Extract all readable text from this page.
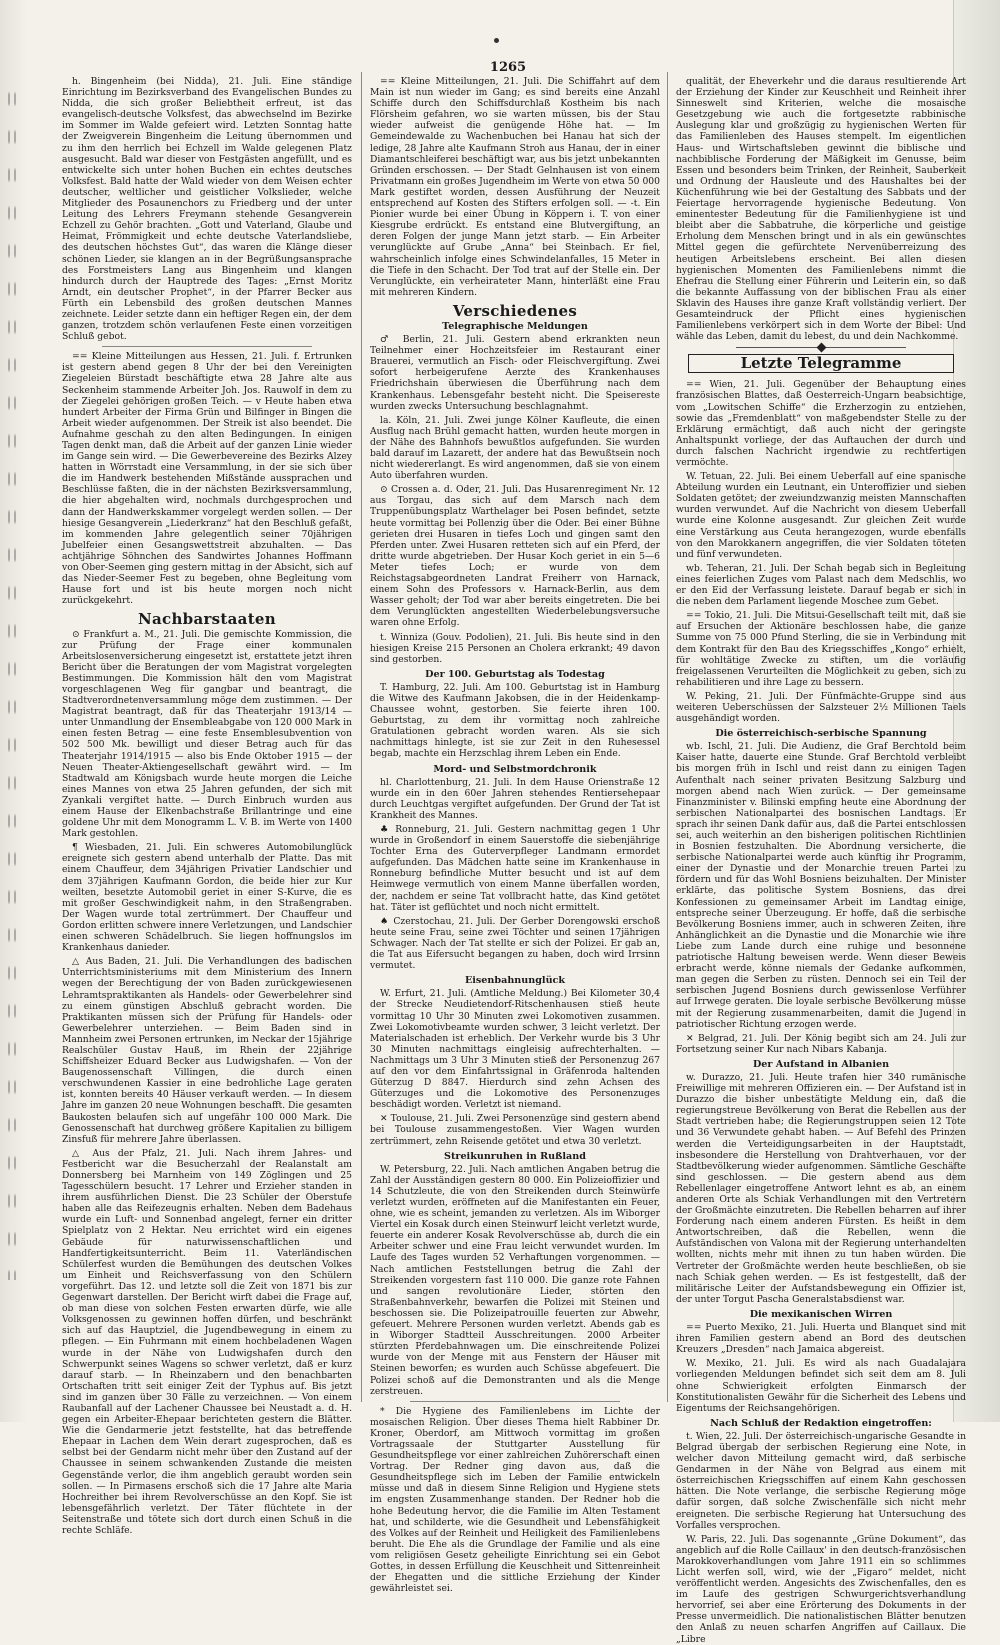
1265

h. Bingenheim (bei Nidda), 21. Juli. Eine ständige Einrichtung im Bezirksverband des Evangelischen Bundes zu Nidda, die sich großer Beliebtheit erfreut, ist das evangelisch-deutsche Volksfest, das abwechselnd im Bezirke im Sommer im Walde gefeiert wird. Letzten Sonntag hatte der Zweigverein Bingenheim die Leitung übernommen und zu ihm den herrlich bei Echzell im Walde gelegenen Platz ausgesucht. Bald war dieser von Festgästen angefüllt, und es entwickelte sich unter hohen Buchen ein echtes deutsches Volksfest. Bald hatte der Wald wieder von dem Weisen echter deutscher, weltlicher und geistlicher Volkslieder, welche Mitglieder des Posaunenchors zu Friedberg und der unter Leitung des Lehrers Freymann stehende Gesangverein Echzell zu Gehör brachten. „Gott und Vaterland, Glaube und Heimat, Frömmigkeit und echte deutsche Vaterlandsliebe, des deutschen höchstes Gut“, das waren die Klänge dieser schönen Lieder, sie klangen an in der Begrüßungsansprache des Forstmeisters Lang aus Bingenheim und klangen hindurch durch der Hauptrede des Tages: „Ernst Moritz Arndt, ein deutscher Prophet“, in der Pfarrer Becker aus Fürth ein Lebensbild des großen deutschen Mannes zeichnete. Leider setzte dann ein heftiger Regen ein, der dem ganzen, trotzdem schön verlaufenen Feste einen vorzeitigen Schluß gebot.

== Kleine Mitteilungen aus Hessen, 21. Juli. f. Ertrunken ist gestern abend gegen 8 Uhr der bei den Vereinigten Ziegeleien Bürstadt beschäftigte etwa 28 Jahre alte aus Seckenheim stammende Arbeiter Joh. Jos. Rauwolf in dem zu der Ziegelei gehörigen großen Teich. — v Heute haben etwa hundert Arbeiter der Firma Grün und Bilfinger in Bingen die Arbeit wieder aufgenommen. Der Streik ist also beendet. Die Aufnahme geschah zu den alten Bedingungen. In einigen Tagen denkt man, daß die Arbeit auf der ganzen Linie wieder im Gange sein wird. — Die Gewerbevereine des Bezirks Alzey hatten in Wörrstadt eine Versammlung, in der sie sich über die im Handwerk bestehenden Mißstände aussprachen und Beschlüsse faßten, die in der nächsten Bezirksversammlung, die hier abgehalten wird, nochmals durchgesprochen und dann der Handwerkskammer vorgelegt werden sollen. — Der hiesige Gesangverein „Liederkranz“ hat den Beschluß gefaßt, im kommenden Jahre gelegentlich seiner 70jährigen Jubelfeier einen Gesangswettstreit abzuhalten. — Das achtjährige Söhnchen des Sandwirtes Johannes Hoffmann von Ober-Seemen ging gestern mittag in der Absicht, sich auf das Nieder-Seemer Fest zu begeben, ohne Begleitung vom Hause fort und ist bis heute morgen noch nicht zurückgekehrt.

Nachbarstaaten

⊙ Frankfurt a. M., 21. Juli. Die gemischte Kommission, die zur Prüfung der Frage einer kommunalen Arbeitslosenversicherung eingesetzt ist, erstattete jetzt ihren Bericht über die Beratungen der vom Magistrat vorgelegten Bestimmungen. Die Kommission hält den vom Magistrat vorgeschlagenen Weg für gangbar und beantragt, die Stadtverordnetenversammlung möge dem zustimmen. — Der Magistrat beantragt, daß für das Theaterjahr 1913/14 — unter Unmandlung der Ensembleabgabe von 120 000 Mark in einen festen Betrag — eine feste Ensemblesubvention von 502 500 Mk. bewilligt und dieser Betrag auch für das Theaterjahr 1914/1915 — also bis Ende Oktober 1915 — der Neuen Theater-Aktiengesellschaft gewährt wird. — Im Stadtwald am Königsbach wurde heute morgen die Leiche eines Mannes von etwa 25 Jahren gefunden, der sich mit Zyankali vergiftet hatte. — Durch Einbruch wurden aus einem Hause der Elkenbachstraße Brillantringe und eine goldene Uhr mit dem Monogramm L. V. B. im Werte von 1400 Mark gestohlen.

¶ Wiesbaden, 21. Juli. Ein schweres Automobilunglück ereignete sich gestern abend unterhalb der Platte. Das mit einem Chauffeur, dem 34jährigen Privatier Landschier und dem 37jährigen Kaufmann Gordon, die beide hier zur Kur weilten, besetzte Automobil geriet in einer S-Kurve, die es mit großer Geschwindigkeit nahm, in den Straßengraben. Der Wagen wurde total zertrümmert. Der Chauffeur und Gordon erlitten schwere innere Verletzungen, und Landschier einen schweren Schädelbruch. Sie liegen hoffnungslos im Krankenhaus danieder.

△ Aus Baden, 21. Juli. Die Verhandlungen des badischen Unterrichtsministeriums mit dem Ministerium des Innern wegen der Berechtigung der von Baden zurückgewiesenen Lehramtspraktikanten als Handels- oder Gewerbelehrer sind zu einem günstigen Abschluß gebracht worden. Die Praktikanten müssen sich der Prüfung für Handels- oder Gewerbelehrer unterziehen. — Beim Baden sind in Mannheim zwei Personen ertrunken, im Neckar der 15jährige Realschüler Gustav Hauß, im Rhein der 22jährige Schiffsheizer Eduard Becker aus Ludwigshafen. — Von der Baugenossenschaft Villingen, die durch einen verschwundenen Kassier in eine bedrohliche Lage geraten ist, konnten bereits 40 Häuser verkauft werden. — In diesem Jahre im ganzen 20 neue Wohnungen beschafft. Die gesamten Baukosten belaufen sich auf ungefähr 100 000 Mark. Die Genossenschaft hat durchweg größere Kapitalien zu billigem Zinsfuß für mehrere Jahre überlassen.

△ Aus der Pfalz, 21. Juli. Nach ihrem Jahres- und Festbericht war die Besucherzahl der Realanstalt am Donnersberg bei Marnheim von 149 Zöglingen und 25 Tagesschülern besucht. 17 Lehrer und Erzieher standen in ihrem ausführlichen Dienst. Die 23 Schüler der Oberstufe haben alle das Reifezeugnis erhalten. Neben dem Badehaus wurde ein Luft- und Sonnenbad angelegt, ferner ein dritter Spielplatz von 2 Hektar. Neu errichtet wird ein eigenes Gebäude für naturwissenschaftlichen und Handfertigkeitsunterricht. Beim 11. Vaterländischen Schülerfest wurden die Bemühungen des deutschen Volkes um Einheit und Reichsverfassung von den Schülern vorgeführt. Das 12. und letzte soll die Zeit von 1871 bis zur Gegenwart darstellen. Der Bericht wirft dabei die Frage auf, ob man diese von solchen Festen erwarten dürfe, wie alle Volksgenossen zu gewinnen hoffen dürfen, und beschränkt sich auf das Hauptziel, die Jugendbewegung in einem zu pflegen. — Ein Fuhrmann mit einem hochbeladenen Wagen wurde in der Nähe von Ludwigshafen durch den Schwerpunkt seines Wagens so schwer verletzt, daß er kurz darauf starb. — In Rheinzabern und den benachbarten Ortschaften tritt seit einiger Zeit der Typhus auf. Bis jetzt sind im ganzen über 30 Fälle zu verzeichnen. — Von einem Raubanfall auf der Lachener Chaussee bei Neustadt a. d. H. gegen ein Arbeiter-Ehepaar berichteten gestern die Blätter. Wie die Gendarmerie jetzt feststellte, hat das betreffende Ehepaar in Lachen dem Wein derart zugesprochen, daß es selbst bei der Gendarm nicht mehr über den Zustand auf der Chaussee in seinem schwankenden Zustande die meisten Gegenstände verlor, die ihm angeblich geraubt worden sein sollen. — In Pirmasens erschoß sich die 17 Jahre alte Maria Hochreither bei ihrem Revolverschüsse an den Kopf. Sie ist lebensgefährlich verletzt. Der Täter flüchtete in der Seitenstraße und tötete sich dort durch einen Schuß in die rechte Schläfe.

== Kleine Mitteilungen, 21. Juli. Die Schiffahrt auf dem Main ist nun wieder im Gang; es sind bereits eine Anzahl Schiffe durch den Schiffsdurchlaß Kostheim bis nach Flörsheim gefahren, wo sie warten müssen, bis der Stau wieder aufweist die genügende Höhe hat. — Im Gemeindewalde zu Wachenbuchen bei Hanau hat sich der ledige, 28 Jahre alte Kaufmann Stroh aus Hanau, der in einer Diamantschleiferei beschäftigt war, aus bis jetzt unbekannten Gründen erschossen. — Der Stadt Gelnhausen ist von einem Privatmann ein großes Jugendheim im Werte von etwa 50 000 Mark gestiftet worden, dessen Ausführung der Neuzeit entsprechend auf Kosten des Stifters erfolgen soll. — -t. Ein Pionier wurde bei einer Übung in Köppern i. T. von einer Kiesgrube erdrückt. Es entstand eine Blutvergiftung, an deren Folgen der junge Mann jetzt starb. — Ein Arbeiter verunglückte auf Grube „Anna“ bei Steinbach. Er fiel, wahrscheinlich infolge eines Schwindelanfalles, 15 Meter in die Tiefe in den Schacht. Der Tod trat auf der Stelle ein. Der Verunglückte, ein verheirateter Mann, hinterläßt eine Frau mit mehreren Kindern.

Verschiedenes
Telegraphische Meldungen

♂ Berlin, 21. Juli. Gestern abend erkrankten neun Teilnehmer einer Hochzeitsfeier im Restaurant einer Brauerei, vermutlich an Fisch- oder Fleischvergiftung. Zwei sofort herbeigerufene Aerzte des Krankenhauses Friedrichshain überwiesen die Überführung nach dem Krankenhaus. Lebensgefahr besteht nicht. Die Speisereste wurden zwecks Untersuchung beschlagnahmt.

la. Köln, 21. Juli. Zwei junge Kölner Kaufleute, die einen Ausflug nach Brühl gemacht hatten, wurden heute morgen in der Nähe des Bahnhofs bewußtlos aufgefunden. Sie wurden bald darauf im Lazarett, der andere hat das Bewußtsein noch nicht wiedererlangt. Es wird angenommen, daß sie von einem Auto überfahren wurden.

⊙ Crossen a. d. Oder, 21. Juli. Das Husarenregiment Nr. 12 aus Torgau, das sich auf dem Marsch nach dem Truppenübungsplatz Warthelager bei Posen befindet, setzte heute vormittag bei Pollenzig über die Oder. Bei einer Bühne gerieten drei Husaren in tiefes Loch und gingen samt den Pferden unter. Zwei Husaren retteten sich auf ein Pferd, der dritte wurde abgetrieben. Der Husar Koch geriet in ein 5—6 Meter tiefes Loch; er wurde von dem Reichstagsabgeordneten Landrat Freiherr von Harnack, einem Sohn des Professors v. Harnack-Berlin, aus dem Wasser geholt; der Tod war aber bereits eingetreten. Die bei dem Verunglückten angestellten Wiederbelebungsversuche waren ohne Erfolg.

t. Winniza (Gouv. Podolien), 21. Juli. Bis heute sind in den hiesigen Kreise 215 Personen an Cholera erkrankt; 49 davon sind gestorben.

Der 100. Geburtstag als Todestag

T. Hamburg, 22. Juli. Am 100. Geburtstag ist in Hamburg die Witwe des Kaufmann Jakobsen, die in der Heidenkamp-Chaussee wohnt, gestorben. Sie feierte ihren 100. Geburtstag, zu dem ihr vormittag noch zahlreiche Gratulationen gebracht worden waren. Als sie sich nachmittags hinlegte, ist sie zur Zeit in den Ruhesessel begab, machte ein Herzschlag ihrem Leben ein Ende.

Mord- und Selbstmordchronik

hl. Charlottenburg, 21. Juli. In dem Hause Orienstraße 12 wurde ein in den 60er Jahren stehendes Rentiersehepaar durch Leuchtgas vergiftet aufgefunden. Der Grund der Tat ist Krankheit des Mannes.

♣ Ronneburg, 21. Juli. Gestern nachmittag gegen 1 Uhr wurde in Großendorf in einem Sauerstoffe die siebenjährige Tochter Erna des Guterverpfleger Landmann ermordet aufgefunden. Das Mädchen hatte seine im Krankenhause in Ronneburg befindliche Mutter besucht und ist auf dem Heimwege vermutlich von einem Manne überfallen worden, der, nachdem er seine Tat vollbracht hatte, das Kind getötet hat. Täter ist geflüchtet und noch nicht ermittelt.

♠ Czerstochau, 21. Juli. Der Gerber Dorengowski erschoß heute seine Frau, seine zwei Töchter und seinen 17jährigen Schwager. Nach der Tat stellte er sich der Polizei. Er gab an, die Tat aus Eifersucht begangen zu haben, doch wird Irrsinn vermutet.

Eisenbahnunglück

W. Erfurt, 21. Juli. (Amtliche Meldung.) Bei Kilometer 30,4 der Strecke Neudietendorf-Ritschenhausen stieß heute vormittag 10 Uhr 30 Minuten zwei Lokomotiven zusammen. Zwei Lokomotivbeamte wurden schwer, 3 leicht verletzt. Der Materialschaden ist erheblich. Der Verkehr wurde bis 3 Uhr 30 Minuten nachmittags eingleisig aufrechterhalten. — Nachmittags um 3 Uhr 3 Minuten stieß der Personenzug 267 auf den vor dem Einfahrtssignal in Gräfenroda haltenden Güterzug D 8847. Hierdurch sind zehn Achsen des Güterzuges und die Lokomotive des Personenzuges beschädigt worden. Verletzt ist niemand.

✕ Toulouse, 21. Juli. Zwei Personenzüge sind gestern abend bei Toulouse zusammengestoßen. Vier Wagen wurden zertrümmert, zehn Reisende getötet und etwa 30 verletzt.

Streikunruhen in Rußland

W. Petersburg, 22. Juli. Nach amtlichen Angaben betrug die Zahl der Ausständigen gestern 80 000. Ein Polizeioffizier und 14 Schutzleute, die von den Streikenden durch Steinwürfe verletzt wurden, eröffneten auf die Manifestanten ein Feuer, ohne, wie es scheint, jemanden zu verletzen. Als im Wiborger Viertel ein Kosak durch einen Steinwurf leicht verletzt wurde, feuerte ein anderer Kosak Revolverschüsse ab, durch die ein Arbeiter schwer und eine Frau leicht verwundet wurden. Im Laufe des Tages wurden 52 Verhaftungen vorgenommen. — Nach amtlichen Feststellungen betrug die Zahl der Streikenden vorgestern fast 110 000. Die ganze rote Fahnen und sangen revolutionäre Lieder, störten den Straßenbahnverkehr, bewarfen die Polizei mit Steinen und beschossen sie. Die Polizeipatrouille feuerten zur Abwehr, gefeuert. Mehrere Personen wurden verletzt. Abends gab es in Wiborger Stadtteil Ausschreitungen. 2000 Arbeiter stürzten Pferdebahnwagen um. Die einschreitende Polizei wurde von der Menge mit aus Fenstern der Häuser mit Steinen beworfen; es wurden auch Schüsse abgefeuert. Die Polizei schoß auf die Demonstranten und als die Menge zerstreuen.

* Die Hygiene des Familienlebens im Lichte der mosaischen Religion. Über dieses Thema hielt Rabbiner Dr. Kroner, Oberdorf, am Mittwoch vormittag im großen Vortragssaale der Stuttgarter Ausstellung für Gesundheitspflege vor einer zahlreichen Zuhörerschaft einen Vortrag. Der Redner ging davon aus, daß die Gesundheitspflege sich im Leben der Familie entwickeln müsse und daß in diesem Sinne Religion und Hygiene stets im engsten Zusammenhange standen. Der Redner hob die hohe Bedeutung hervor, die die Familie im Alten Testament hat, und schilderte, wie die Gesundheit und Lebensfähigkeit des Volkes auf der Reinheit und Heiligkeit des Familienlebens beruht. Die Ehe als die Grundlage der Familie und als eine vom religiösen Gesetz geheiligte Einrichtung sei ein Gebot Gottes, in dessen Erfüllung die Keuschheit und Sittenreinheit der Ehegatten und die sittliche Erziehung der Kinder gewährleistet sei.

qualität, der Eheverkehr und die daraus resultierende Art der Erziehung der Kinder zur Keuschheit und Reinheit ihrer Sinneswelt sind Kriterien, welche die mosaische Gesetzgebung wie auch die fortgesetzte rabbinische Auslegung klar und großzügig zu hygienischen Werten für das Familienleben des Hauses stempelt. Im eigentlichen Haus- und Wirtschaftsleben gewinnt die biblische und nachbiblische Forderung der Mäßigkeit im Genusse, beim Essen und besonders beim Trinken, der Reinheit, Sauberkeit und Ordnung der Hausleute und des Haushaltes bei der Küchenführung wie bei der Gestaltung des Sabbats und der Feiertage hervorragende hygienische Bedeutung. Von eminentester Bedeutung für die Familienhygiene ist und bleibt aber die Sabbatruhe, die körperliche und geistige Erholung dem Menschen bringt und in als ein gewünschtes Mittel gegen die gefürchtete Nervenüberreizung des heutigen Arbeitslebens erscheint. Bei allen diesen hygienischen Momenten des Familienlebens nimmt die Ehefrau die Stellung einer Führerin und Leiterin ein, so daß die bekannte Auffassung von der biblischen Frau als einer Sklavin des Hauses ihre ganze Kraft vollständig verliert. Der Gesamteindruck der Pflicht eines hygienischen Familienlebens verkörpert sich in dem Worte der Bibel: Und wähle das Leben, damit du lebest, du und dein Nachkomme.

Letzte Telegramme

== Wien, 21. Juli. Gegenüber der Behauptung eines französischen Blattes, daß Oesterreich-Ungarn beabsichtige, vom „Lowitschen Schiffe“ die Erzherzogin zu entziehen, sowie das „Fremdenblatt“ von maßgebendster Stelle zu der Erklärung ermächtigt, daß auch nicht der geringste Anhaltspunkt vorliege, der das Auftauchen der durch und durch falschen Nachricht irgendwie zu rechtfertigen vermöchte.

W. Tetuan, 22. Juli. Bei einem Ueberfall auf eine spanische Abteilung wurden ein Leutnant, ein Unteroffizier und sieben Soldaten getötet; der zweiundzwanzig meisten Mannschaften wurden verwundet. Auf die Nachricht von diesem Ueberfall wurde eine Kolonne ausgesandt. Zur gleichen Zeit wurde eine Verstärkung aus Ceuta herangezogen, wurde ebenfalls von den Marokkanern angegriffen, die vier Soldaten töteten und fünf verwundeten.

wb. Teheran, 21. Juli. Der Schah begab sich in Begleitung eines feierlichen Zuges vom Palast nach dem Medschlis, wo er den Eid der Verfassung leistete. Darauf begab er sich in die neben dem Parlament liegende Moschee zum Gebet.

== Tokio, 21. Juli. Die Mitsui-Gesellschaft teilt mit, daß sie auf Ersuchen der Aktionäre beschlossen habe, die ganze Summe von 75 000 Pfund Sterling, die sie in Verbindung mit dem Kontrakt für den Bau des Kriegsschiffes „Kongo“ erhielt, für wohltätige Zwecke zu stiften, um die vorläufig freigelassenen Verurteilten die Möglichkeit zu geben, sich zu rehabilitieren und ihre Lage zu bessern.

W. Peking, 21. Juli. Der Fünfmächte-Gruppe sind aus weiteren Ueberschüssen der Salzsteuer 2½ Millionen Taels ausgehändigt worden.

Die österreichisch-serbische Spannung

wb. Ischl, 21. Juli. Die Audienz, die Graf Berchtold beim Kaiser hatte, dauerte eine Stunde. Graf Berchtold verbleibt bis morgen früh in Ischl und reist dann zu einigen Tagen Aufenthalt nach seiner privaten Besitzung Salzburg und morgen abend nach Wien zurück. — Der gemeinsame Finanzminister v. Bilinski empfing heute eine Abordnung der serbischen Nationalpartei des bosnischen Landtags. Er sprach ihr seinen Dank dafür aus, daß die Partei entschlossen sei, auch weiterhin an den bisherigen politischen Richtlinien in Bosnien festzuhalten. Die Abordnung versicherte, die serbische Nationalpartei werde auch künftig ihr Programm, einer der Dynastie und der Monarchie treuen Partei zu fördern und für das Wohl Bosniens beizuhalten. Der Minister erklärte, das politische System Bosniens, das drei Konfessionen zu gemeinsamer Arbeit im Landtag einige, entspreche seiner Überzeugung. Er hoffe, daß die serbische Bevölkerung Bosniens immer, auch in schweren Zeiten, ihre Anhänglichkeit an die Dynastie und die Monarchie wie ihre Liebe zum Lande durch eine ruhige und besonnene patriotische Haltung beweisen werde. Wenn dieser Beweis erbracht werde, könne niemals der Gedanke aufkommen, man gegen die Serben zu rüsten. Dennoch sei ein Teil der serbischen Jugend Bosniens durch gewissenlose Verführer auf Irrwege geraten. Die loyale serbische Bevölkerung müsse mit der Regierung zusammenarbeiten, damit die Jugend in patriotischer Richtung erzogen werde.

✕ Belgrad, 21. Juli. Der König begibt sich am 24. Juli zur Fortsetzung seiner Kur nach Nibars Kabanja.

Der Aufstand in Albanien

w. Durazzo, 21. Juli. Heute trafen hier 340 rumänische Freiwillige mit mehreren Offizieren ein. — Der Aufstand ist in Durazzo die bisher unbestätigte Meldung ein, daß die regierungstreue Bevölkerung von Berat die Rebellen aus der Stadt vertrieben habe; die Regierungstruppen seien 12 Tote und 36 Verwundete gehabt haben. — Auf Befehl des Prinzen werden die Verteidigungsarbeiten in der Hauptstadt, insbesondere die Herstellung von Drahtverhauen, vor der Stadtbevölkerung wieder aufgenommen. Sämtliche Geschäfte sind geschlossen. — Die gestern abend aus dem Rebellenlager eingetroffene Antwort lehnt es ab, an einem anderen Orte als Schiak Verhandlungen mit den Vertretern der Großmächte einzutreten. Die Rebellen beharren auf ihrer Forderung nach einem anderen Fürsten. Es heißt in dem Antwortschreiben, daß die Rebellen, wenn die Aufständischen von Valona mit der Regierung unterhandelten wollten, nichts mehr mit ihnen zu tun haben würden. Die Vertreter der Großmächte werden heute beschließen, ob sie nach Schiak gehen werden. — Es ist festgestellt, daß der militärische Leiter der Aufstandsbewegung ein Offizier ist, der unter Torgut Pascha Generalstabsdienst war.

Die mexikanischen Wirren

== Puerto Mexiko, 21. Juli. Huerta und Blanquet sind mit ihren Familien gestern abend an Bord des deutschen Kreuzers „Dresden“ nach Jamaica abgereist.

W. Mexiko, 21. Juli. Es wird als nach Guadalajara vorliegenden Meldungen befindet sich seit dem am 8. Juli ohne Schwierigkeit erfolgten Einmarsch der Konstitutionalisten Gewähr für die Sicherheit des Lebens und Eigentums der Reichsangehörigen.

Nach Schluß der Redaktion eingetroffen:

t. Wien, 22. Juli. Der österreichisch-ungarische Gesandte in Belgrad übergab der serbischen Regierung eine Note, in welcher davon Mitteilung gemacht wird, daß serbische Gendarmen in der Nähe von Belgrad aus einem mit österreichischen Kriegsschiffen auf einem Kahn geschossen hätten. Die Note verlange, die serbische Regierung möge dafür sorgen, daß solche Zwischenfälle sich nicht mehr ereigneten. Die serbische Regierung hat Untersuchung des Vorfalles versprochen.

W. Paris, 22. Juli. Das sogenannte „Grüne Dokument“, das angeblich auf die Rolle Caillaux' in den deutsch-französischen Marokkoverhandlungen vom Jahre 1911 ein so schlimmes Licht werfen soll, wird, wie der „Figaro“ meldet, nicht veröffentlicht werden. Angesichts des Zwischenfalles, den es im Laufe des gestrigen Schwurgerichtsverhandlung hervorrief, sei aber eine Erörterung des Dokuments in der Presse unvermeidlich. Die nationalistischen Blätter benutzen den Anlaß zu neuen scharfen Angriffen auf Caillaux. Die „Libre
